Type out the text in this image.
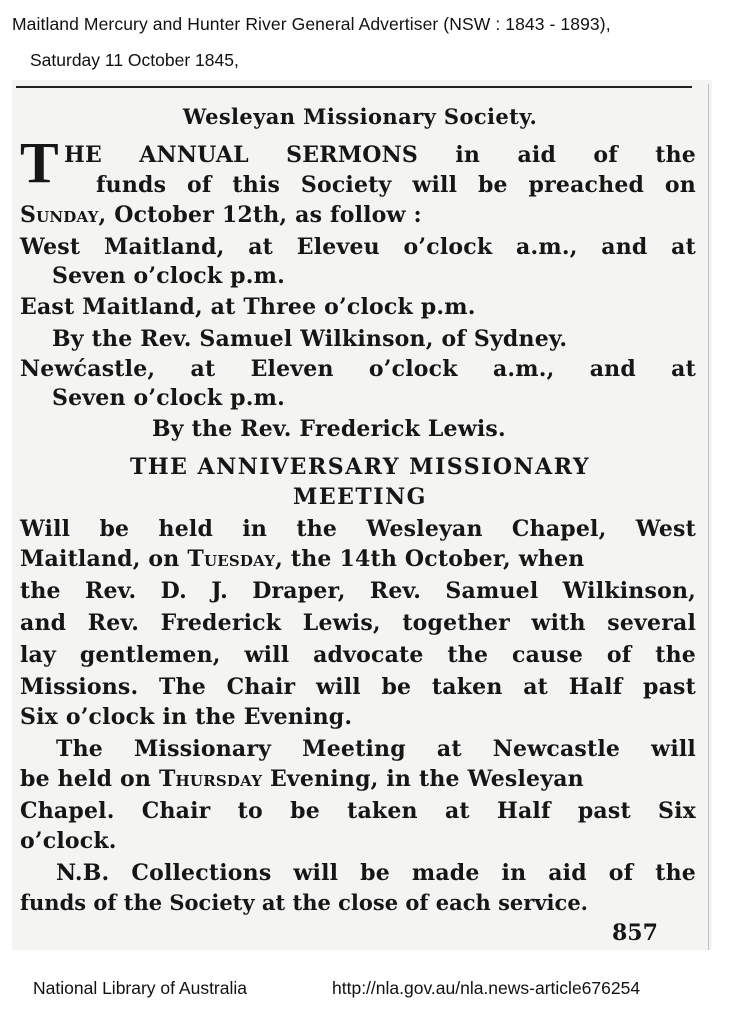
Maitland Mercury and Hunter River General Advertiser (NSW : 1843 - 1893),
Saturday 11 October 1845,
Wesleyan Missionary Society.
T HE ANNUAL SERMONS in aid of the
funds of this Society will be preached on
Sunday, October 12th, as follow :
West Maitland, at Eleveu o’clock a.m., and at
Seven o’clock p.m.
East Maitland, at Three o’clock p.m.
By the Rev. Samuel Wilkinson, of Sydney.
Newćastle, at Eleven o’clock a.m., and at
Seven o’clock p.m.
By the Rev. Frederick Lewis.
THE ANNIVERSARY MISSIONARY
MEETING
Will be held in the Wesleyan Chapel, West
Maitland, on Tuesday, the 14th October, when
the Rev. D. J. Draper, Rev. Samuel Wilkinson,
and Rev. Frederick Lewis, together with several
lay gentlemen, will advocate the cause of the
Missions. The Chair will be taken at Half past
Six o’clock in the Evening.
The Missionary Meeting at Newcastle will
be held on Thursday Evening, in the Wesleyan
Chapel. Chair to be taken at Half past Six
o’clock.
N.B. Collections will be made in aid of the
funds of the Society at the close of each service.
857
National Library of Australia	http://nla.gov.au/nla.news-article676254
